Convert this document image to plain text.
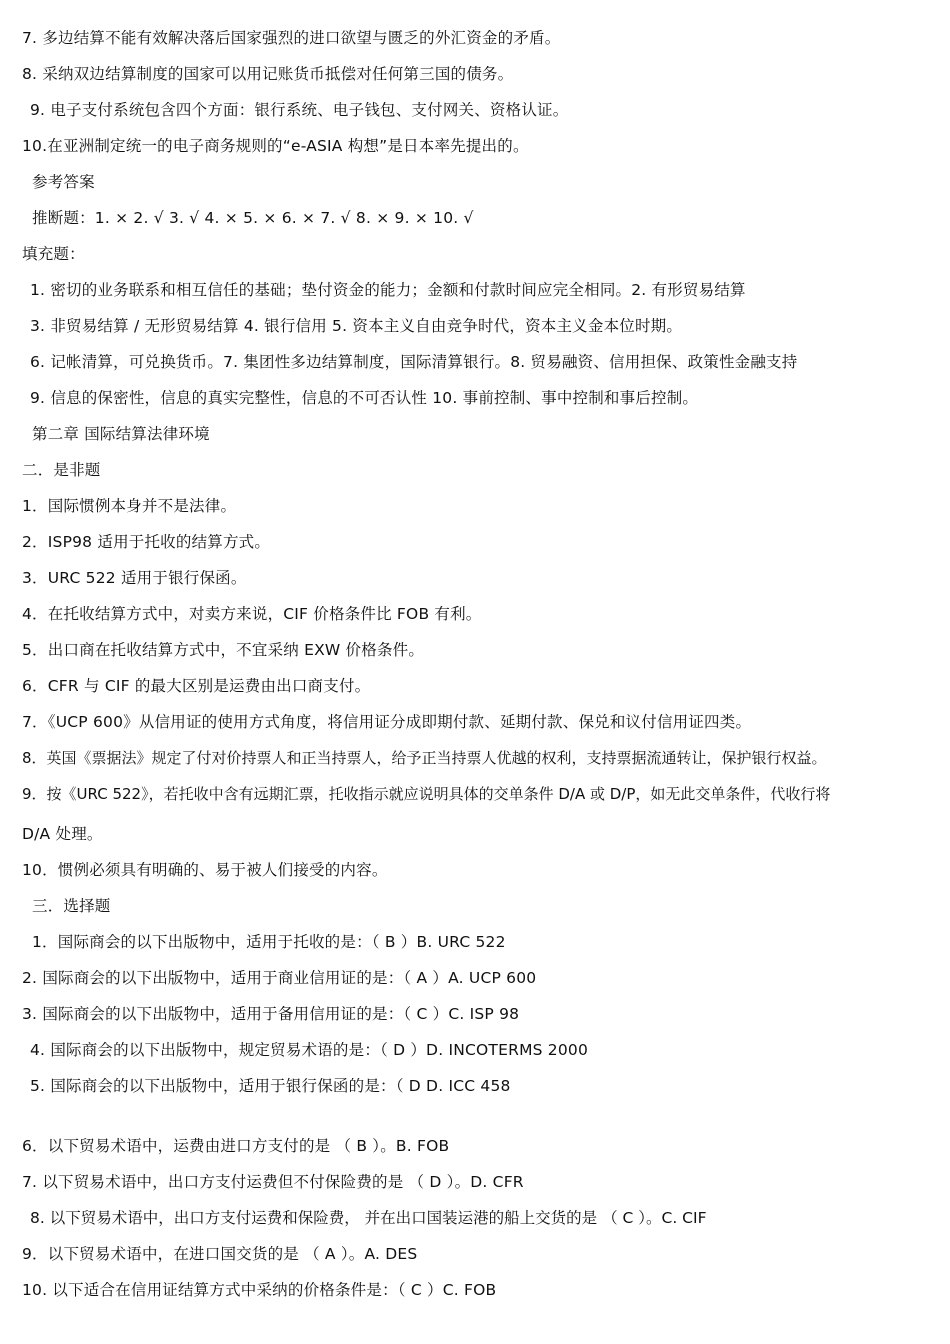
7. 多边结算不能有效解决落后国家强烈的进口欲望与匮乏的外汇资金的矛盾。
8. 采纳双边结算制度的国家可以用记账货币抵偿对任何第三国的债务。
9. 电子支付系统包含四个方面：银行系统、电子钱包、支付网关、资格认证。
10.在亚洲制定统一的电子商务规则的“e-ASIA 构想”是日本率先提出的。
参考答案
推断题：1. × 2. √ 3. √ 4. × 5. × 6. × 7. √ 8. × 9. × 10. √
填充题：
1. 密切的业务联系和相互信任的基础；垫付资金的能力；金额和付款时间应完全相同。2. 有形贸易结算
3. 非贸易结算 / 无形贸易结算 4. 银行信用 5. 资本主义自由竞争时代，资本主义金本位时期。
6. 记帐清算，可兑换货币。7. 集团性多边结算制度，国际清算银行。8. 贸易融资、信用担保、政策性金融支持
9. 信息的保密性，信息的真实完整性，信息的不可否认性 10. 事前控制、事中控制和事后控制。
第二章 国际结算法律环境
二．是非题
1．国际惯例本身并不是法律。
2．ISP98 适用于托收的结算方式。
3．URC 522 适用于银行保函。
4．在托收结算方式中，对卖方来说，CIF 价格条件比 FOB 有利。
5．出口商在托收结算方式中，不宜采纳 EXW 价格条件。
6．CFR 与 CIF 的最大区别是运费由出口商支付。
7．《UCP 600》从信用证的使用方式角度，将信用证分成即期付款、延期付款、保兑和议付信用证四类。
8．英国《票据法》规定了付对价持票人和正当持票人，给予正当持票人优越的权利，支持票据流通转让，保护银行权益。
9．按《URC 522》，若托收中含有远期汇票，托收指示就应说明具体的交单条件 D/A 或 D/P，如无此交单条件，代收行将
D/A 处理。
10．惯例必须具有明确的、易于被人们接受的内容。
三．选择题
1．国际商会的以下出版物中，适用于托收的是：（ B ）B. URC 522
2. 国际商会的以下出版物中，适用于商业信用证的是：（ A ）A. UCP 600
3. 国际商会的以下出版物中，适用于备用信用证的是：（ C ）C. ISP 98
4. 国际商会的以下出版物中，规定贸易术语的是：（ D ）D. INCOTERMS 2000
5. 国际商会的以下出版物中，适用于银行保函的是：（ D D. ICC 458
6．以下贸易术语中，运费由进口方支付的是 （ B ）。B. FOB
7. 以下贸易术语中，出口方支付运费但不付保险费的是 （ D ）。D. CFR
8. 以下贸易术语中，出口方支付运费和保险费， 并在出口国装运港的船上交货的是 （ C ）。C. CIF
9．以下贸易术语中，在进口国交货的是 （ A ）。A. DES
10. 以下适合在信用证结算方式中采纳的价格条件是：（ C ）C. FOB
